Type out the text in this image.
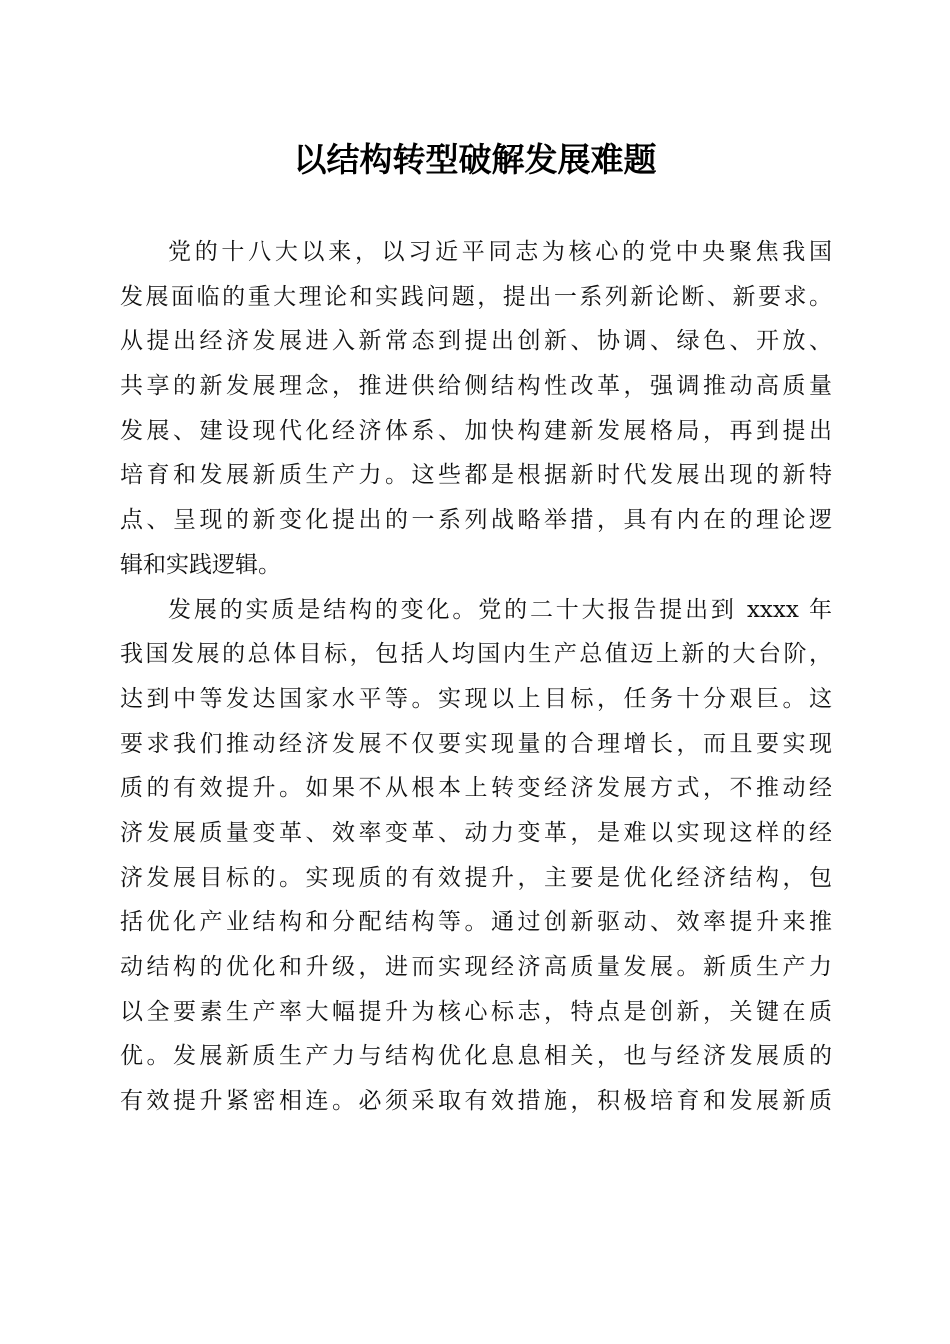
以结构转型破解发展难题
党的十八大以来，以习近平同志为核心的党中央聚焦我国
发展面临的重大理论和实践问题，提出一系列新论断、新要求。
从提出经济发展进入新常态到提出创新、协调、绿色、开放、
共享的新发展理念，推进供给侧结构性改革，强调推动高质量
发展、建设现代化经济体系、加快构建新发展格局，再到提出
培育和发展新质生产力。这些都是根据新时代发展出现的新特
点、呈现的新变化提出的一系列战略举措，具有内在的理论逻
辑和实践逻辑。
发展的实质是结构的变化。党的二十大报告提出到 xxxx 年
我国发展的总体目标，包括人均国内生产总值迈上新的大台阶，
达到中等发达国家水平等。实现以上目标，任务十分艰巨。这
要求我们推动经济发展不仅要实现量的合理增长，而且要实现
质的有效提升。如果不从根本上转变经济发展方式，不推动经
济发展质量变革、效率变革、动力变革，是难以实现这样的经
济发展目标的。实现质的有效提升，主要是优化经济结构，包
括优化产业结构和分配结构等。通过创新驱动、效率提升来推
动结构的优化和升级，进而实现经济高质量发展。新质生产力
以全要素生产率大幅提升为核心标志，特点是创新，关键在质
优。发展新质生产力与结构优化息息相关，也与经济发展质的
有效提升紧密相连。必须采取有效措施，积极培育和发展新质
